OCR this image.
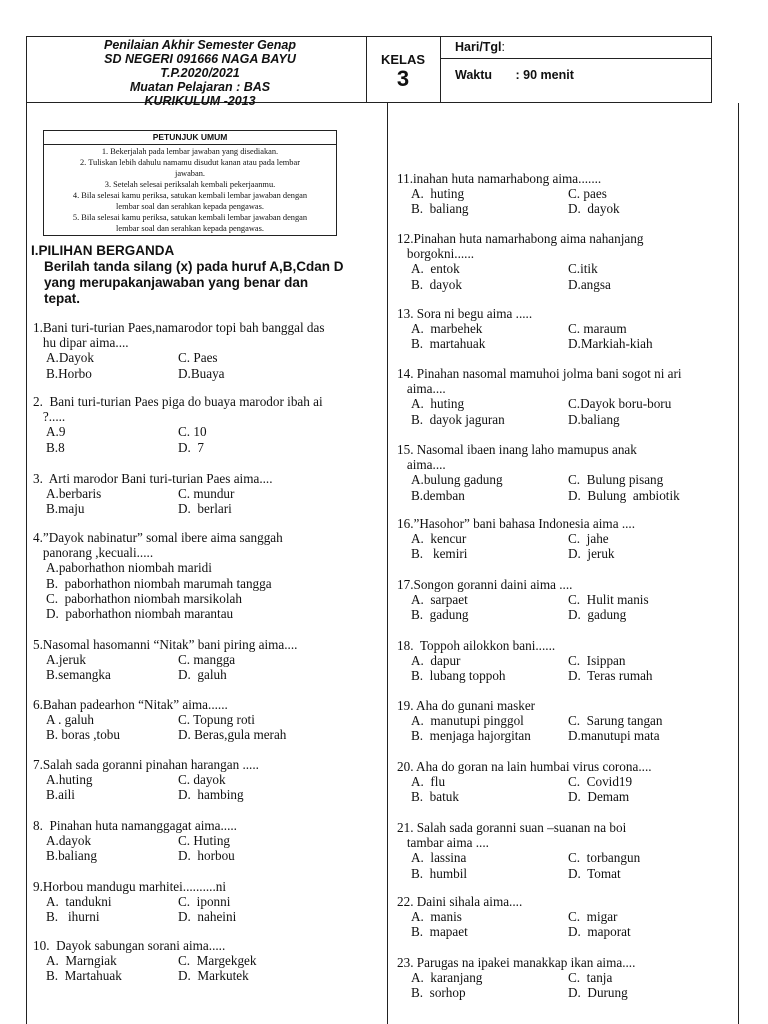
Penilaian Akhir Semester Genap
SD NEGERI 091666 NAGA BAYU
T.P.2020/2021
Muatan Pelajaran : BAS
KURIKULUM -2013
KELAS
3
Hari/Tgl:
Waktu : 90 menit
PETUNJUK UMUM
1. Bekerjalah pada lembar jawaban yang disediakan.
2. Tuliskan lebih dahulu namamu disudut kanan atau pada lembar
jawaban.
3. Setelah selesai periksalah kembali pekerjaanmu.
4. Bila selesai kamu periksa, satukan kembali lembar jawaban dengan
lembar soal dan serahkan kepada pengawas.
5. Bila selesai kamu periksa, satukan kembali lembar jawaban dengan
lembar soal dan serahkan kepada pengawas.
I.PILIHAN BERGANDA
Berilah tanda silang (x) pada huruf A,B,Cdan D
yang merupakanjawaban yang benar dan
tepat.
1.Bani turi-turian Paes,namarodor topi bah banggal das
hu dipar aima....
A.Dayok	C. Paes
B.Horbo	D.Buaya
2.  Bani turi-turian Paes piga do buaya marodor ibah ai
?.....
A.9	C. 10
B.8	D.  7
3.  Arti marodor Bani turi-turian Paes aima....
A.berbaris	C. mundur
B.maju	D.  berlari
4.”Dayok nabinatur” somal ibere aima sanggah
panorang ,kecuali.....
A.paborhathon niombah maridi
B.  paborhathon niombah marumah tangga
C.  paborhathon niombah marsikolah
D.  paborhathon niombah marantau
5.Nasomal hasomanni “Nitak” bani piring aima....
A.jeruk	C. mangga
B.semangka	D.  galuh
6.Bahan padearhon “Nitak” aima......
A . galuh	C. Topung roti
B. boras ,tobu	D. Beras,gula merah
7.Salah sada goranni pinahan harangan .....
A.huting	C. dayok
B.aili	D.  hambing
8.  Pinahan huta namanggagat aima.....
A.dayok	C. Huting
B.baliang	D.  horbou
9.Horbou mandugu marhitei..........ni
A.  tandukni	C.  iponni
B.   ihurni	D.  naheini
10.  Dayok sabungan sorani aima.....
A.  Marngiak	C.  Margekgek
B.  Martahuak	D.  Markutek
11.inahan huta namarhabong aima.......
A.  huting	C. paes
B.  baliang	D.  dayok
12.Pinahan huta namarhabong aima nahanjang
borgokni......
A.  entok	C.itik
B.  dayok	D.angsa
13. Sora ni begu aima .....
A.  marbehek	C. maraum
B.  martahuak	D.Markiah-kiah
14. Pinahan nasomal mamuhoi jolma bani sogot ni ari
aima....
A.  huting	C.Dayok boru-boru
B.  dayok jaguran	D.baliang
15. Nasomal ibaen inang laho mamupus anak
aima....
A.bulung gadung	C.  Bulung pisang
B.demban	D.  Bulung  ambiotik
16.”Hasohor” bani bahasa Indonesia aima ....
A.  kencur	C.  jahe
B.   kemiri	D.  jeruk
17.Songon goranni daini aima ....
A.  sarpaet	C.  Hulit manis
B.  gadung	D.  gadung
18.  Toppoh ailokkon bani......
A.  dapur	C.  Isippan
B.  lubang toppoh	D.  Teras rumah
19. Aha do gunani masker
A.  manutupi pinggol	C.  Sarung tangan
B.  menjaga hajorgitan	D.manutupi mata
20. Aha do goran na lain humbai virus corona....
A.  flu	C.  Covid19
B.  batuk	D.  Demam
21. Salah sada goranni suan –suanan na boi
tambar aima ....
A.  lassina	C.  torbangun
B.  humbil	D.  Tomat
22. Daini sihala aima....
A.  manis	C.  migar
B.  mapaet	D.  maporat
23. Parugas na ipakei manakkap ikan aima....
A.  karanjang	C.  tanja
B.  sorhop	D.  Durung
